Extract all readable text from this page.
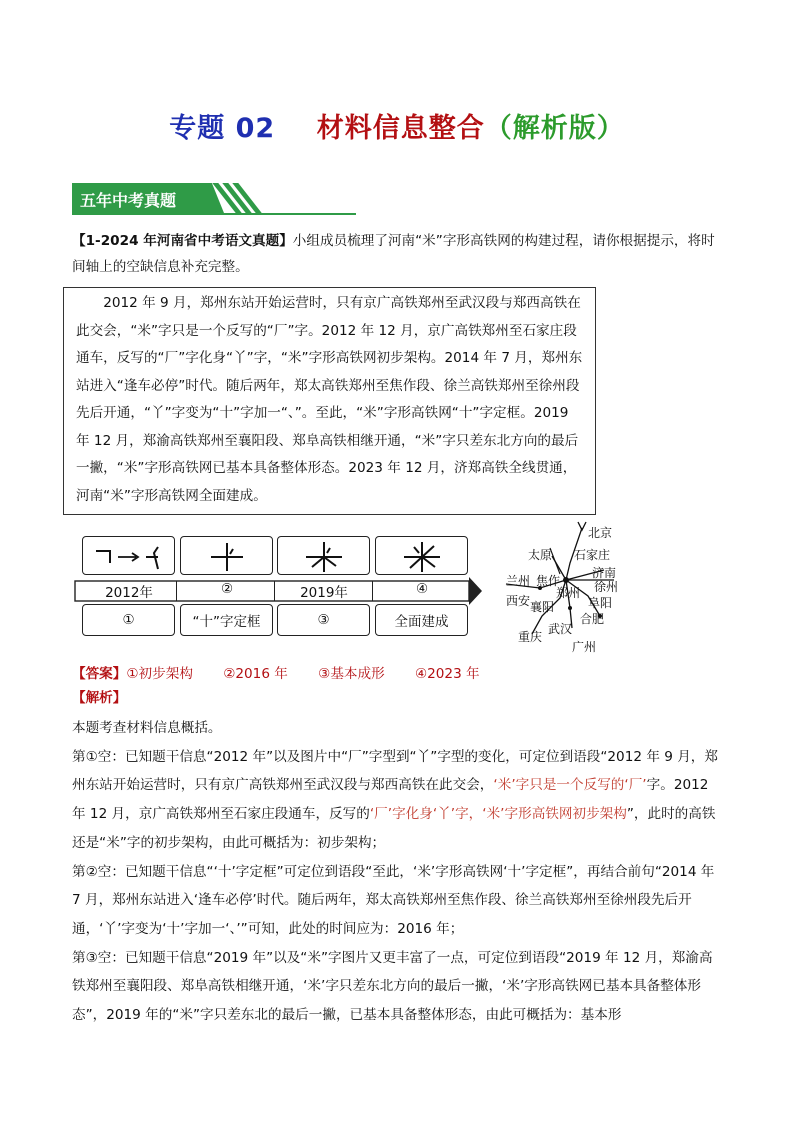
专题 02 材料信息整合（解析版）
五年中考真题
【1-2024 年河南省中考语文真题】小组成员梳理了河南“米”字形高铁网的构建过程，请你根据提示，将时间轴上的空缺信息补充完整。
2012 年 9 月，郑州东站开始运营时，只有京广高铁郑州至武汉段与郑西高铁在此交会，“米”字只是一个反写的“厂”字。2012 年 12 月，京广高铁郑州至石家庄段通车，反写的“厂”字化身“丫”字，“米”字形高铁网初步架构。2014 年 7 月，郑州东站进入“逢车必停”时代。随后两年，郑太高铁郑州至焦作段、徐兰高铁郑州至徐州段先后开通，“丫”字变为“十”字加一“、”。至此，“米”字形高铁网“十”字定框。2019 年 12 月，郑渝高铁郑州至襄阳段、郑阜高铁相继开通，“米”字只差东北方向的最后一撇，“米”字形高铁网已基本具备整体形态。2023 年 12 月，济郑高铁全线贯通，河南“米”字形高铁网全面建成。
2012年	②	2019年	④
①	“十”字定框	③	全面建成
北京
太原 石家庄
济南
兰州 焦作	徐州
郑州
西安 襄阳	阜阳
合肥
武汉
重庆
广州
【答案】①初步架构 ②2016 年 ③基本成形 ④2023 年
【解析】
本题考查材料信息概括。
第①空：已知题干信息“2012 年”以及图片中“厂”字型到“丫”字型的变化，可定位到语段“2012 年 9 月，郑州东站开始运营时，只有京广高铁郑州至武汉段与郑西高铁在此交会，‘米’字只是一个反写的‘厂’字。2012 年 12 月，京广高铁郑州至石家庄段通车，反写的‘厂’字化身‘丫’字，‘米’字形高铁网初步架构”，此时的高铁还是“米”字的初步架构，由此可概括为：初步架构；
第②空：已知题干信息“‘十’字定框”可定位到语段“至此，‘米’字形高铁网‘十’字定框”，再结合前句“2014 年 7 月，郑州东站进入‘逢车必停’时代。随后两年，郑太高铁郑州至焦作段、徐兰高铁郑州至徐州段先后开通，‘丫’字变为‘十’字加一‘、’”可知，此处的时间应为：2016 年；
第③空：已知题干信息“2019 年”以及“米”字图片又更丰富了一点，可定位到语段“2019 年 12 月，郑渝高铁郑州至襄阳段、郑阜高铁相继开通，‘米’字只差东北方向的最后一撇，‘米’字形高铁网已基本具备整体形态”，2019 年的“米”字只差东北的最后一撇，已基本具备整体形态，由此可概括为：基本形
